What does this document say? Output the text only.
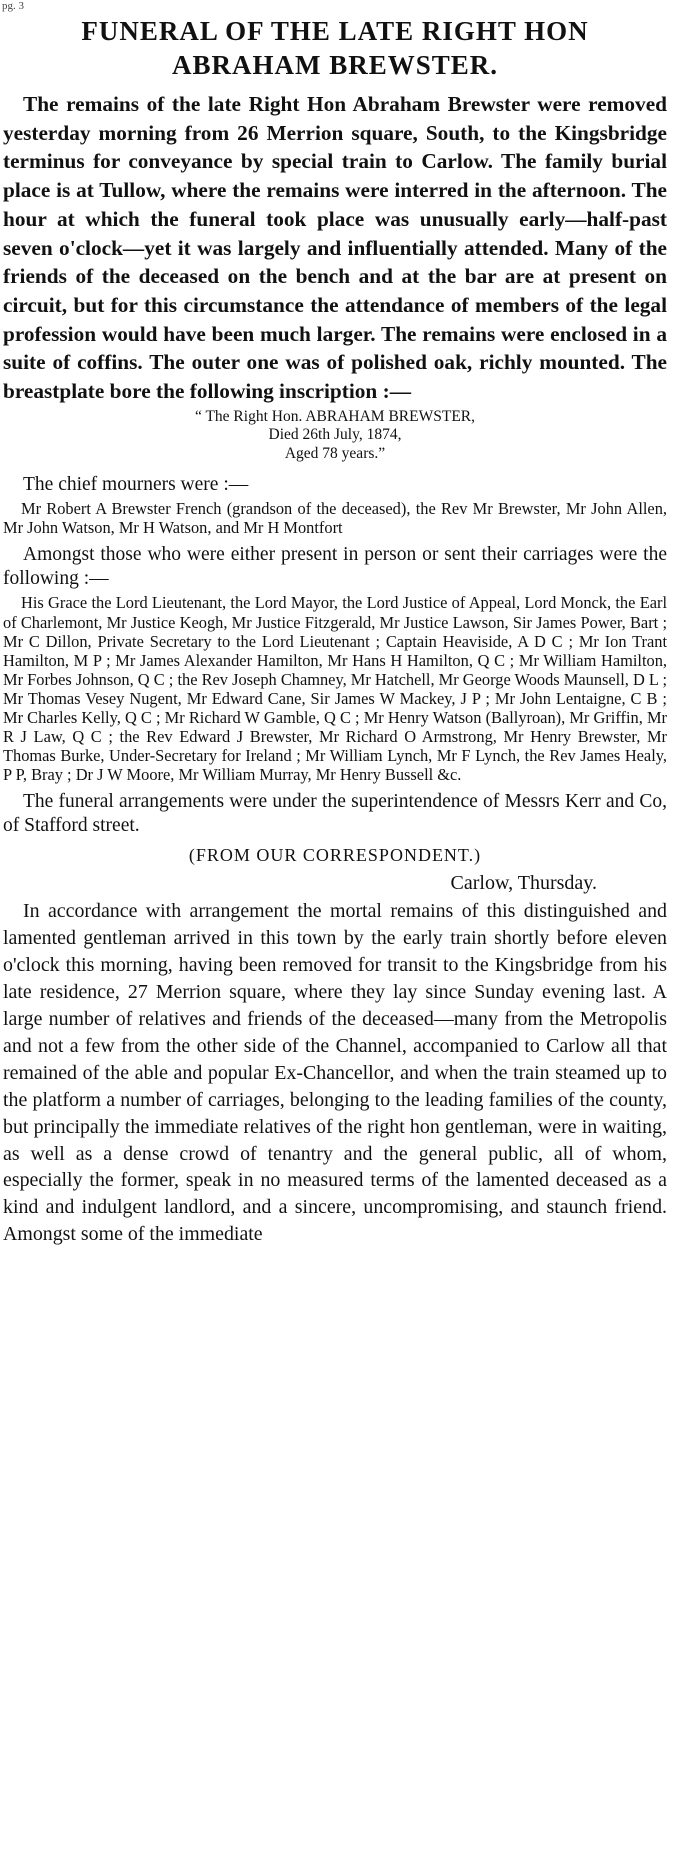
pg. 3
FUNERAL OF THE LATE RIGHT HON
ABRAHAM BREWSTER.

The remains of the late Right Hon Abraham Brewster were removed yesterday morning from 26 Merrion square, South, to the Kingsbridge terminus for conveyance by special train to Carlow. The family burial place is at Tullow, where the remains were interred in the afternoon. The hour at which the funeral took place was unusually early—half-past seven o'clock—yet it was largely and influentially attended. Many of the friends of the deceased on the bench and at the bar are at present on circuit, but for this circumstance the attendance of members of the legal profession would have been much larger. The remains were enclosed in a suite of coffins. The outer one was of polished oak, richly mounted. The breastplate bore the following inscription :—

“ The Right Hon. ABRAHAM BREWSTER,
Died 26th July, 1874,
Aged 78 years.”

The chief mourners were :—

Mr Robert A Brewster French (grandson of the deceased), the Rev Mr Brewster, Mr John Allen, Mr John Watson, Mr H Watson, and Mr H Montfort

Amongst those who were either present in person or sent their carriages were the following :—

His Grace the Lord Lieutenant, the Lord Mayor, the Lord Justice of Appeal, Lord Monck, the Earl of Charlemont, Mr Justice Keogh, Mr Justice Fitzgerald, Mr Justice Lawson, Sir James Power, Bart ; Mr C Dillon, Private Secretary to the Lord Lieutenant ; Captain Heaviside, A D C ; Mr Ion Trant Hamilton, M P ; Mr James Alexander Hamilton, Mr Hans H Hamilton, Q C ; Mr William Hamilton, Mr Forbes Johnson, Q C ; the Rev Joseph Chamney, Mr Hatchell, Mr George Woods Maunsell, D L ; Mr Thomas Vesey Nugent, Mr Edward Cane, Sir James W Mackey, J P ; Mr John Lentaigne, C B ; Mr Charles Kelly, Q C ; Mr Richard W Gamble, Q C ; Mr Henry Watson (Ballyroan), Mr Griffin, Mr R J Law, Q C ; the Rev Edward J Brewster, Mr Richard O Armstrong, Mr Henry Brewster, Mr Thomas Burke, Under-Secretary for Ireland ; Mr William Lynch, Mr F Lynch, the Rev James Healy, P P, Bray ; Dr J W Moore, Mr William Murray, Mr Henry Bussell &c.

The funeral arrangements were under the superintendence of Messrs Kerr and Co, of Stafford street.

(FROM OUR CORRESPONDENT.)

Carlow, Thursday.

In accordance with arrangement the mortal remains of this distinguished and lamented gentleman arrived in this town by the early train shortly before eleven o'clock this morning, having been removed for transit to the Kingsbridge from his late residence, 27 Merrion square, where they lay since Sunday evening last. A large number of relatives and friends of the deceased—many from the Metropolis and not a few from the other side of the Channel, accompanied to Carlow all that remained of the able and popular Ex-Chancellor, and when the train steamed up to the platform a number of carriages, belonging to the leading families of the county, but principally the immediate relatives of the right hon gentleman, were in waiting, as well as a dense crowd of tenantry and the general public, all of whom, especially the former, speak in no measured terms of the lamented deceased as a kind and indulgent landlord, and a sincere, uncompromising, and staunch friend. Amongst some of the immediate
